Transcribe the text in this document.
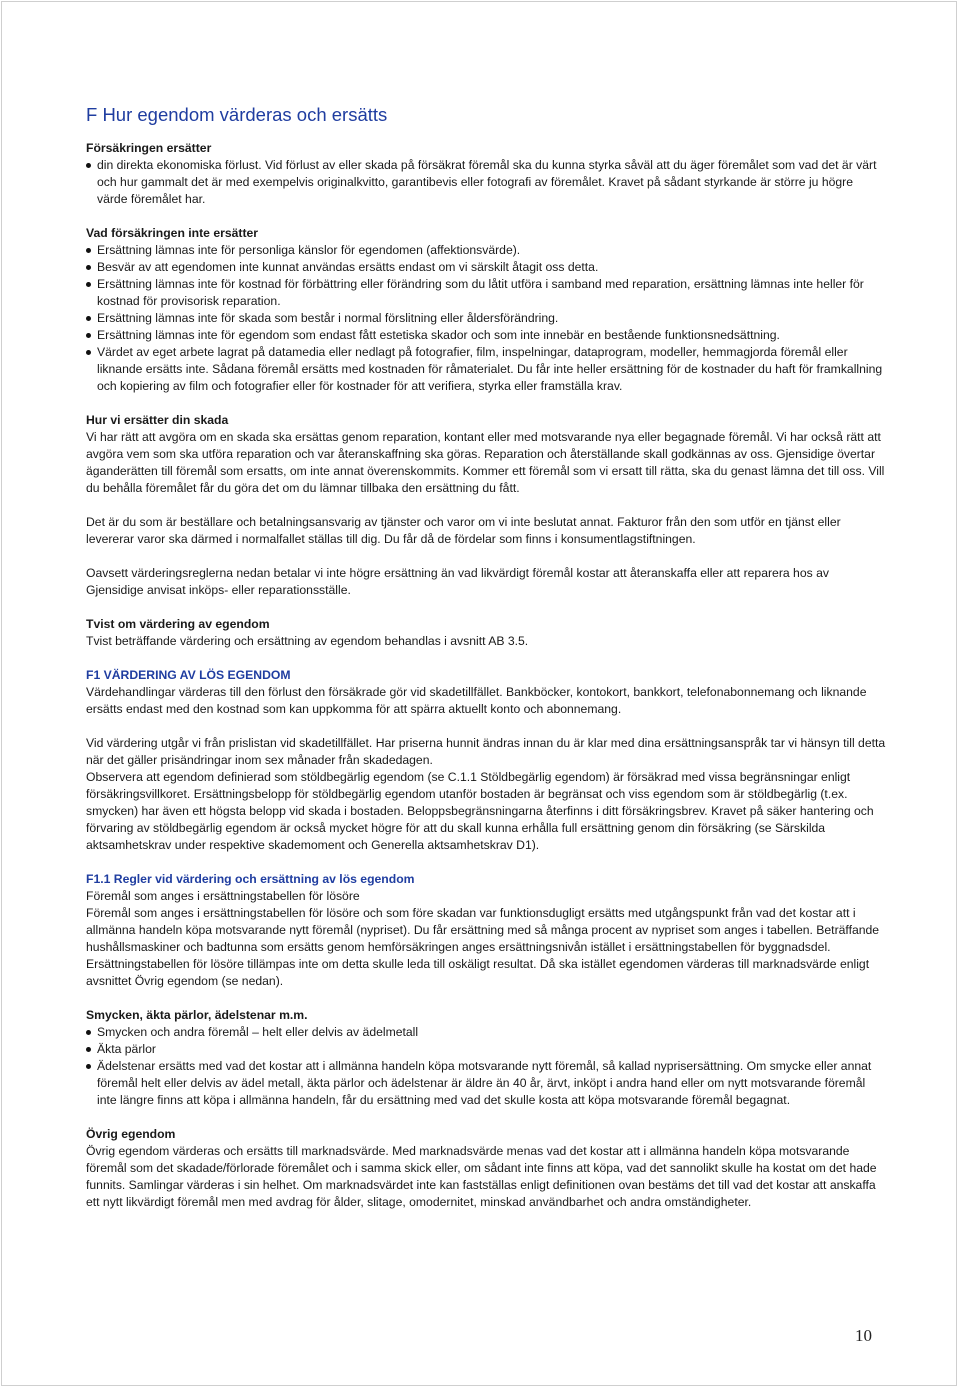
F Hur egendom värderas och ersätts

Försäkringen ersätter

din direkta ekonomiska förlust. Vid förlust av eller skada på försäkrat föremål ska du kunna styrka såväl att du äger föremålet som vad det är värt och hur gammalt det är med exempelvis originalkvitto, garantibevis eller fotografi av föremålet. Kravet på sådant styrkande är större ju högre värde föremålet har.

Vad försäkringen inte ersätter

Ersättning lämnas inte för personliga känslor för egendomen (affektionsvärde).
Besvär av att egendomen inte kunnat användas ersätts endast om vi särskilt åtagit oss detta.
Ersättning lämnas inte för kostnad för förbättring eller förändring som du låtit utföra i samband med reparation, ersättning lämnas inte heller för kostnad för provisorisk reparation.
Ersättning lämnas inte för skada som består i normal förslitning eller åldersförändring.
Ersättning lämnas inte för egendom som endast fått estetiska skador och som inte innebär en bestående funktionsnedsättning.
Värdet av eget arbete lagrat på datamedia eller nedlagt på fotografier, film, inspelningar, dataprogram, modeller, hemmagjorda föremål eller liknande ersätts inte. Sådana föremål ersätts med kostnaden för råmaterialet. Du får inte heller ersättning för de kostnader du haft för framkallning och kopiering av film och fotografier eller för kostnader för att verifiera, styrka eller framställa krav.

Hur vi ersätter din skada

Vi har rätt att avgöra om en skada ska ersättas genom reparation, kontant eller med motsvarande nya eller begagnade föremål. Vi har också rätt att avgöra vem som ska utföra reparation och var återanskaffning ska göras. Reparation och återställande skall godkännas av oss. Gjensidige övertar äganderätten till föremål som ersatts, om inte annat överenskommits. Kommer ett föremål som vi ersatt till rätta, ska du genast lämna det till oss. Vill du behålla föremålet får du göra det om du lämnar tillbaka den ersättning du fått.

Det är du som är beställare och betalningsansvarig av tjänster och varor om vi inte beslutat annat. Fakturor från den som utför en tjänst eller levererar varor ska därmed i normalfallet ställas till dig. Du får då de fördelar som finns i konsumentlagstiftningen.

Oavsett värderingsreglerna nedan betalar vi inte högre ersättning än vad likvärdigt föremål kostar att återanskaffa eller att reparera hos av Gjensidige anvisat inköps- eller reparationsställe.

Tvist om värdering av egendom

Tvist beträffande värdering och ersättning av egendom behandlas i avsnitt AB 3.5.

F1 VÄRDERING AV LÖS EGENDOM

Värdehandlingar värderas till den förlust den försäkrade gör vid skadetillfället. Bankböcker, kontokort, bankkort, telefonabonnemang och liknande ersätts endast med den kostnad som kan uppkomma för att spärra aktuellt konto och abonnemang.

Vid värdering utgår vi från prislistan vid skadetillfället. Har priserna hunnit ändras innan du är klar med dina ersättningsanspråk tar vi hänsyn till detta när det gäller prisändringar inom sex månader från skadedagen.

Observera att egendom definierad som stöldbegärlig egendom (se C.1.1 Stöldbegärlig egendom) är försäkrad med vissa begränsningar enligt försäkringsvillkoret. Ersättningsbelopp för stöldbegärlig egendom utanför bostaden är begränsat och viss egendom som är stöldbegärlig (t.ex. smycken) har även ett högsta belopp vid skada i bostaden. Beloppsbegränsningarna återfinns i ditt försäkringsbrev. Kravet på säker hantering och förvaring av stöldbegärlig egendom är också mycket högre för att du skall kunna erhålla full ersättning genom din försäkring (se Särskilda aktsamhetskrav under respektive skademoment och Generella aktsamhetskrav D1).

F1.1 Regler vid värdering och ersättning av lös egendom

Föremål som anges i ersättningstabellen för lösöre

Föremål som anges i ersättningstabellen för lösöre och som före skadan var funktionsdugligt ersätts med utgångspunkt från vad det kostar att i allmänna handeln köpa motsvarande nytt föremål (nypriset). Du får ersättning med så många procent av nypriset som anges i tabellen. Beträffande hushållsmaskiner och badtunna som ersätts genom hemförsäkringen anges ersättningsnivån istället i ersättningstabellen för byggnadsdel. Ersättningstabellen för lösöre tillämpas inte om detta skulle leda till oskäligt resultat. Då ska istället egendomen värderas till marknadsvärde enligt avsnittet Övrig egendom (se nedan).

Smycken, äkta pärlor, ädelstenar m.m.

Smycken och andra föremål – helt eller delvis av ädelmetall
Äkta pärlor
Ädelstenar ersätts med vad det kostar att i allmänna handeln köpa motsvarande nytt föremål, så kallad nyprisersättning. Om smycke eller annat föremål helt eller delvis av ädel metall, äkta pärlor och ädelstenar är äldre än 40 år, ärvt, inköpt i andra hand eller om nytt motsvarande föremål inte längre finns att köpa i allmänna handeln, får du ersättning med vad det skulle kosta att köpa motsvarande föremål begagnat.

Övrig egendom

Övrig egendom värderas och ersätts till marknadsvärde. Med marknadsvärde menas vad det kostar att i allmänna handeln köpa motsvarande föremål som det skadade/förlorade föremålet och i samma skick eller, om sådant inte finns att köpa, vad det sannolikt skulle ha kostat om det hade funnits. Samlingar värderas i sin helhet. Om marknadsvärdet inte kan fastställas enligt definitionen ovan bestäms det till vad det kostar att anskaffa ett nytt likvärdigt föremål men med avdrag för ålder, slitage, omodernitet, minskad användbarhet och andra omständigheter.

10
